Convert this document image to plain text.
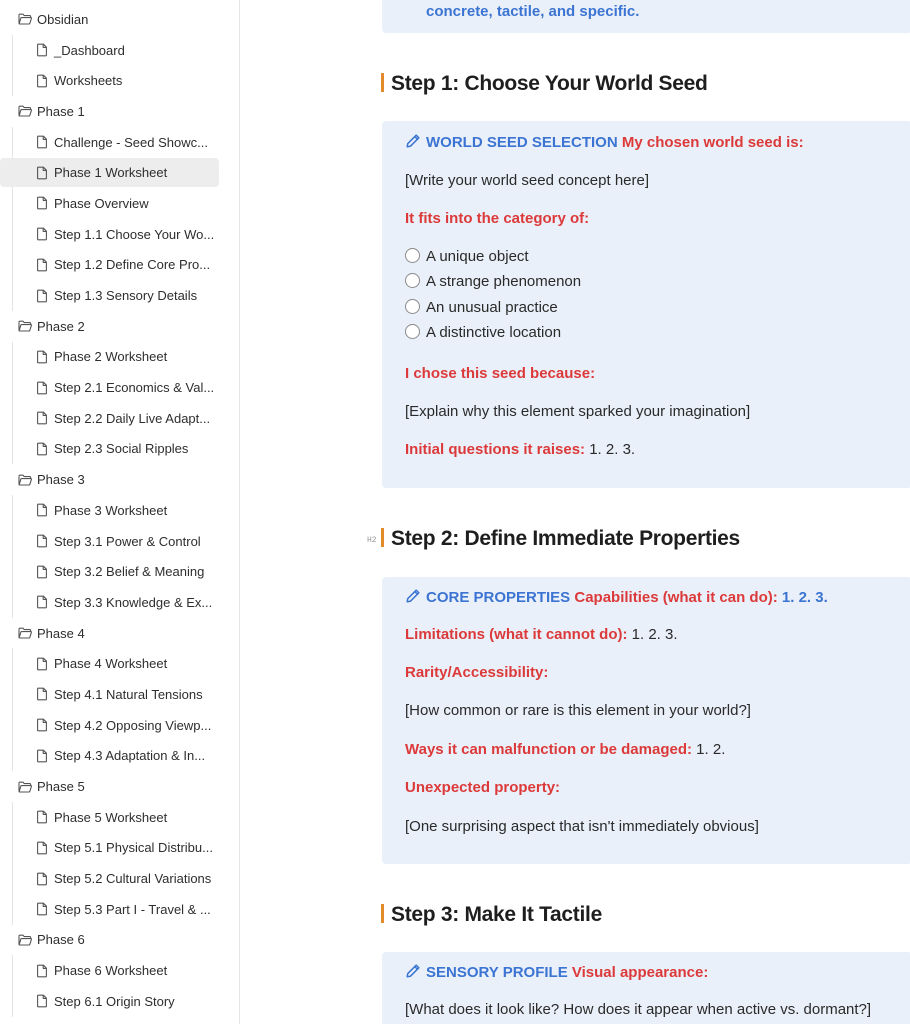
Obsidian
_Dashboard
Worksheets
Phase 1
Challenge - Seed Showc...
Phase 1 Worksheet
Phase Overview
Step 1.1 Choose Your Wo...
Step 1.2 Define Core Pro...
Step 1.3 Sensory Details
Phase 2
Phase 2 Worksheet
Step 2.1 Economics & Val...
Step 2.2 Daily Live Adapt...
Step 2.3 Social Ripples
Phase 3
Phase 3 Worksheet
Step 3.1 Power & Control
Step 3.2 Belief & Meaning
Step 3.3 Knowledge & Ex...
Phase 4
Phase 4 Worksheet
Step 4.1 Natural Tensions
Step 4.2 Opposing Viewp...
Step 4.3 Adaptation & In...
Phase 5
Phase 5 Worksheet
Step 5.1 Physical Distribu...
Step 5.2 Cultural Variations
Step 5.3 Part I - Travel & ...
Phase 6
Phase 6 Worksheet
Step 6.1 Origin Story
concrete, tactile, and specific.
Step 1: Choose Your World Seed
WORLD SEED SELECTION My chosen world seed is:
[Write your world seed concept here]
It fits into the category of:
A unique object
A strange phenomenon
An unusual practice
A distinctive location
I chose this seed because:
[Explain why this element sparked your imagination]
Initial questions it raises: 1. 2. 3.
H2 Step 2: Define Immediate Properties
CORE PROPERTIES Capabilities (what it can do): 1. 2. 3.
Limitations (what it cannot do): 1. 2. 3.
Rarity/Accessibility:
[How common or rare is this element in your world?]
Ways it can malfunction or be damaged: 1. 2.
Unexpected property:
[One surprising aspect that isn't immediately obvious]
Step 3: Make It Tactile
SENSORY PROFILE Visual appearance:
[What does it look like? How does it appear when active vs. dormant?]
